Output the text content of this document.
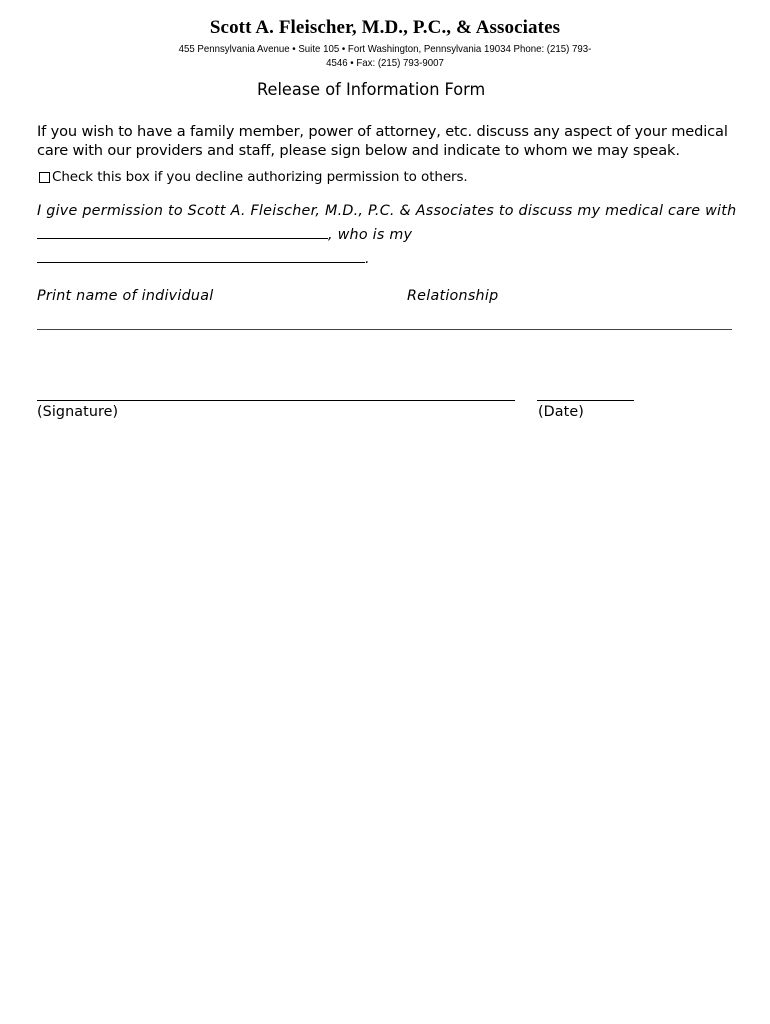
Scott A. Fleischer, M.D., P.C., & Associates
455 Pennsylvania Avenue • Suite 105 • Fort Washington, Pennsylvania 19034 Phone: (215) 793-4546 • Fax: (215) 793-9007
Release of Information Form
If you wish to have a family member, power of attorney, etc. discuss any aspect of your medical care with our providers and staff, please sign below and indicate to whom we may speak.
Check this box if you decline authorizing permission to others.
I give permission to Scott A. Fleischer, M.D., P.C. & Associates to discuss my medical care with
, who is my
.
Print name of individual	Relationship
(Signature)	(Date)
